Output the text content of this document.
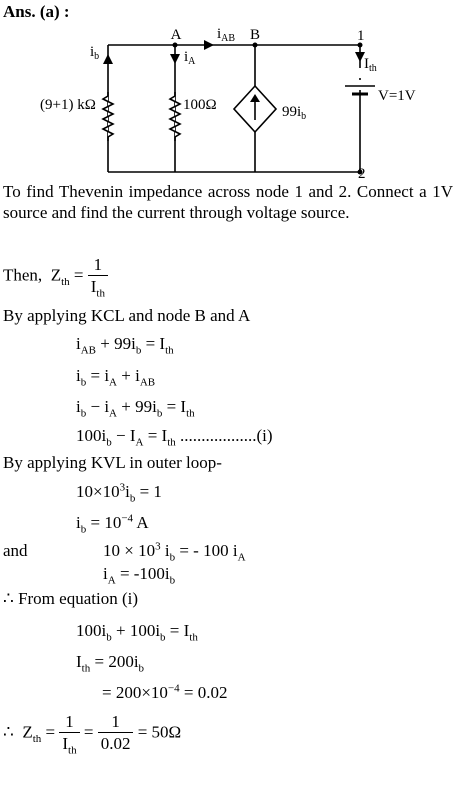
Ans. (a) :
A	B	1
2
$i_{AB}$
$i_b$	$i_A$	$I_{th}$
(9+1) kΩ	100Ω	$99i_b$
V=1V
To find Thevenin impedance across node 1 and 2. Connect a 1V source and find the current through voltage source.
Then,  $Z_{th} = \frac{1}{I_{th}}$
By applying KCL and node B and A
$i_{AB} + 99i_b = I_{th}$
$i_b = i_A + i_{AB}$
$i_b - i_A + 99i_b = I_{th}$
$100i_b - I_A = I_{th}$ ..................(i)
By applying KVL in outer loop-
$10\times 10^3i_b = 1$
$i_b = 10^{-4}$ A
and	$10 \times 10^3$ $i_b$ = - 100 $i_A$
$i_A = -100i_b$
∴ From equation (i)
$100i_b + 100i_b = I_{th}$
$I_{th} = 200i_b$
= $200\times 10^{-4} = 0.02$
∴  $Z_{th} = \frac{1}{I_{th}} = \frac{1}{0.02} = 50\Omega$
